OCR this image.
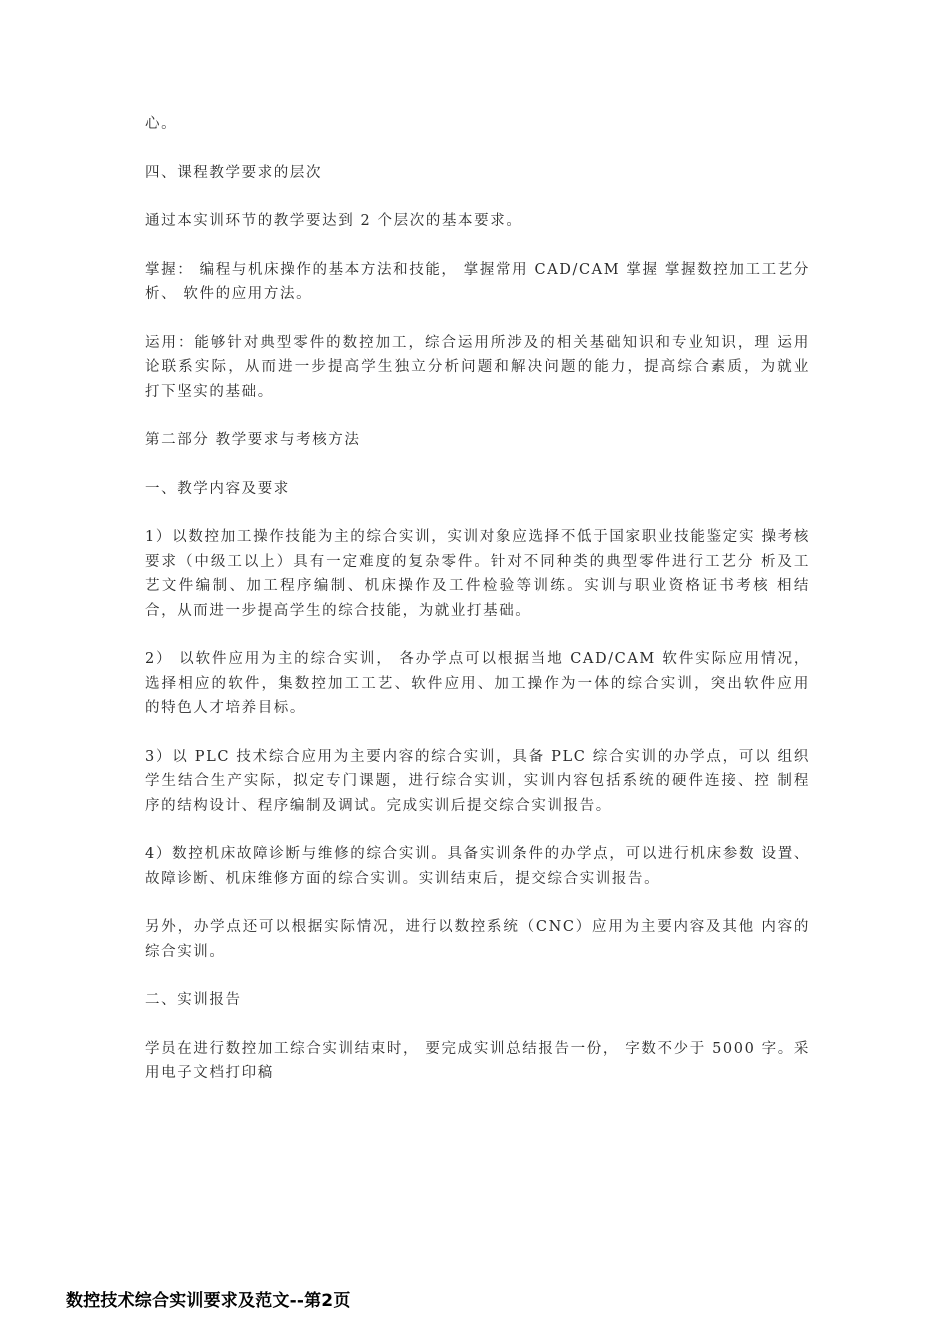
心。

四、课程教学要求的层次

通过本实训环节的教学要达到 2 个层次的基本要求。

掌握： 编程与机床操作的基本方法和技能， 掌握常用 CAD/CAM 掌握 掌握数控加工工艺分析、 软件的应用方法。

运用：能够针对典型零件的数控加工，综合运用所涉及的相关基础知识和专业知识，理 运用 论联系实际，从而进一步提高学生独立分析问题和解决问题的能力，提高综合素质，为就业 打下坚实的基础。

第二部分 教学要求与考核方法

一、教学内容及要求

1）以数控加工操作技能为主的综合实训，实训对象应选择不低于国家职业技能鉴定实 操考核要求（中级工以上）具有一定难度的复杂零件。针对不同种类的典型零件进行工艺分 析及工艺文件编制、加工程序编制、机床操作及工件检验等训练。实训与职业资格证书考核 相结合，从而进一步提高学生的综合技能，为就业打基础。

2） 以软件应用为主的综合实训， 各办学点可以根据当地 CAD/CAM 软件实际应用情况，选择相应的软件，集数控加工工艺、软件应用、加工操作为一体的综合实训，突出软件应用 的特色人才培养目标。

3）以 PLC 技术综合应用为主要内容的综合实训，具备 PLC 综合实训的办学点，可以 组织学生结合生产实际，拟定专门课题，进行综合实训，实训内容包括系统的硬件连接、控 制程序的结构设计、程序编制及调试。完成实训后提交综合实训报告。

4）数控机床故障诊断与维修的综合实训。具备实训条件的办学点，可以进行机床参数 设置、故障诊断、机床维修方面的综合实训。实训结束后，提交综合实训报告。

另外，办学点还可以根据实际情况，进行以数控系统（CNC）应用为主要内容及其他 内容的综合实训。

二、实训报告

学员在进行数控加工综合实训结束时， 要完成实训总结报告一份， 字数不少于 5000 字。采用电子文档打印稿

数控技术综合实训要求及范文--第2页
